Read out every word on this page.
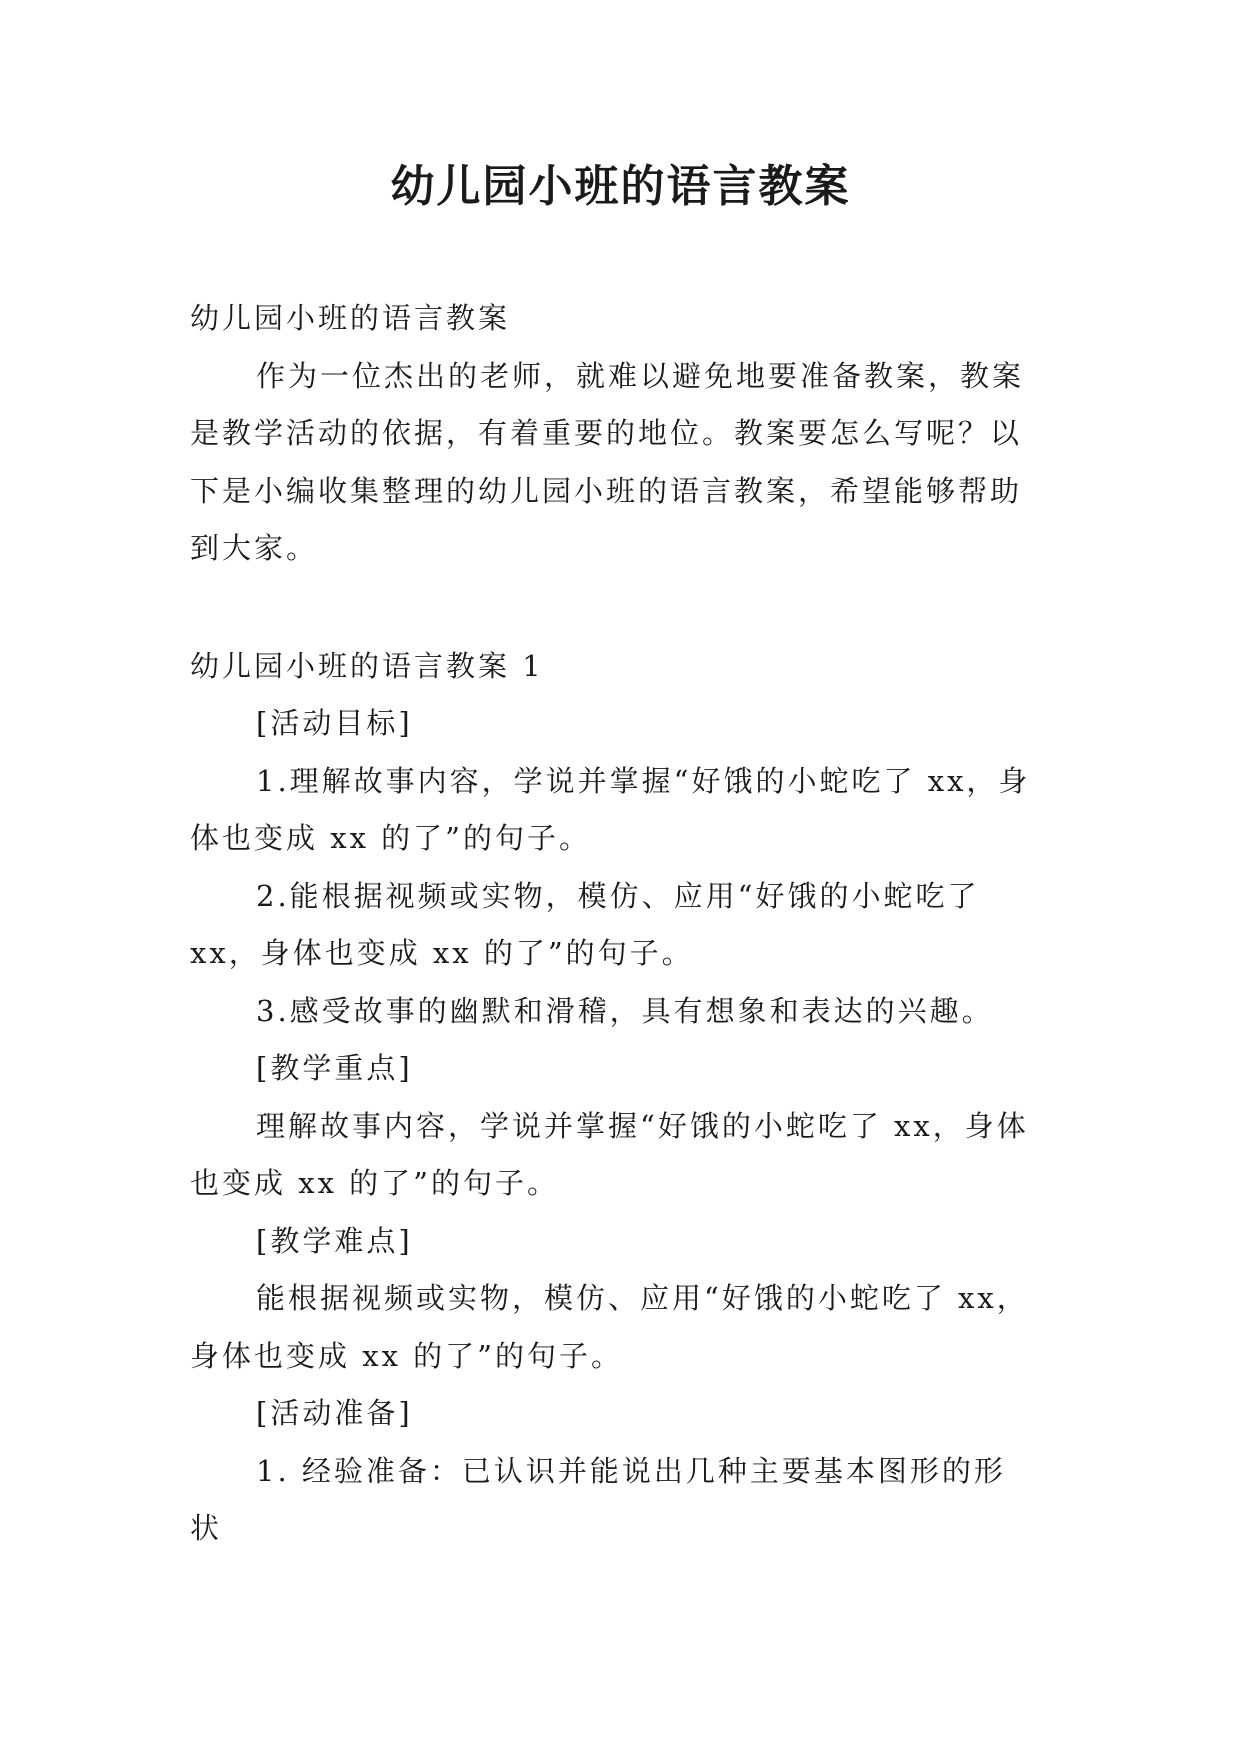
幼儿园小班的语言教案

幼儿园小班的语言教案

作为一位杰出的老师，就难以避免地要准备教案，教案
是教学活动的依据，有着重要的地位。教案要怎么写呢？以
下是小编收集整理的幼儿园小班的语言教案，希望能够帮助
到大家。

幼儿园小班的语言教案 1

[活动目标]

1.理解故事内容，学说并掌握“好饿的小蛇吃了 xx，身
体也变成 xx 的了”的句子。

2.能根据视频或实物，模仿、应用“好饿的小蛇吃了
xx，身体也变成 xx 的了”的句子。

3.感受故事的幽默和滑稽，具有想象和表达的兴趣。

[教学重点]

理解故事内容，学说并掌握“好饿的小蛇吃了 xx，身体
也变成 xx 的了”的句子。

[教学难点]

能根据视频或实物，模仿、应用“好饿的小蛇吃了 xx，
身体也变成 xx 的了”的句子。

[活动准备]

1. 经验准备：已认识并能说出几种主要基本图形的形
状
